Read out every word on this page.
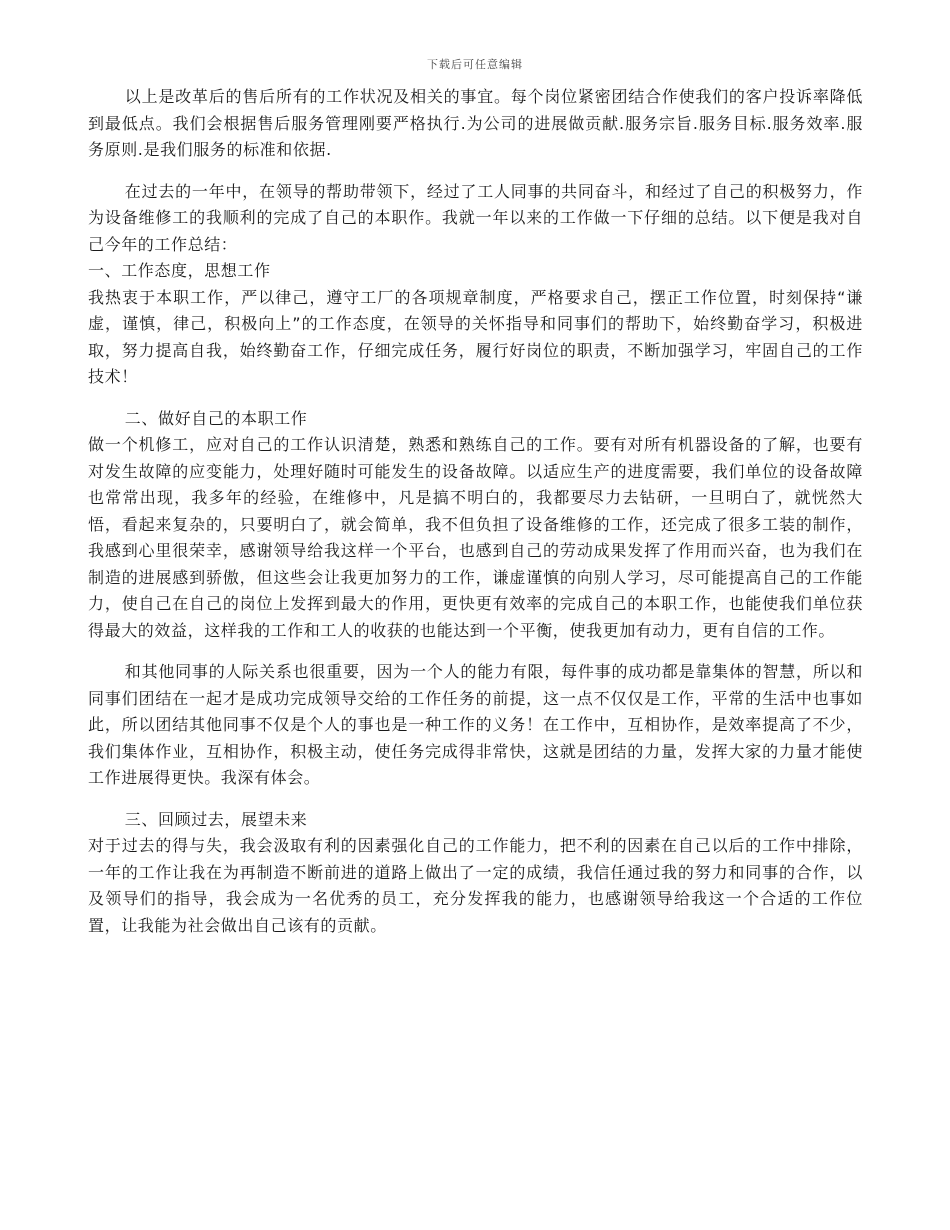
下载后可任意编辑

以上是改革后的售后所有的工作状况及相关的事宜。每个岗位紧密团结合作使我们的客户投诉率降低到最低点。我们会根据售后服务管理刚要严格执行.为公司的进展做贡献.服务宗旨.服务目标.服务效率.服务原则.是我们服务的标准和依据.

在过去的一年中，在领导的帮助带领下，经过了工人同事的共同奋斗，和经过了自己的积极努力，作为设备维修工的我顺利的完成了自己的本职作。我就一年以来的工作做一下仔细的总结。以下便是我对自己今年的工作总结：

一、工作态度，思想工作

我热衷于本职工作，严以律己，遵守工厂的各项规章制度，严格要求自己，摆正工作位置，时刻保持“谦虚，谨慎，律己，积极向上”的工作态度，在领导的关怀指导和同事们的帮助下，始终勤奋学习，积极进取，努力提高自我，始终勤奋工作，仔细完成任务，履行好岗位的职责，不断加强学习，牢固自己的工作技术！

二、做好自己的本职工作

做一个机修工，应对自己的工作认识清楚，熟悉和熟练自己的工作。要有对所有机器设备的了解，也要有对发生故障的应变能力，处理好随时可能发生的设备故障。以适应生产的进度需要，我们单位的设备故障也常常出现，我多年的经验，在维修中，凡是搞不明白的，我都要尽力去钻研，一旦明白了，就恍然大悟，看起来复杂的，只要明白了，就会简单，我不但负担了设备维修的工作，还完成了很多工装的制作，我感到心里很荣幸，感谢领导给我这样一个平台，也感到自己的劳动成果发挥了作用而兴奋，也为我们在制造的进展感到骄傲，但这些会让我更加努力的工作，谦虚谨慎的向别人学习，尽可能提高自己的工作能力，使自己在自己的岗位上发挥到最大的作用，更快更有效率的完成自己的本职工作，也能使我们单位获得最大的效益，这样我的工作和工人的收获的也能达到一个平衡，使我更加有动力，更有自信的工作。

和其他同事的人际关系也很重要，因为一个人的能力有限，每件事的成功都是靠集体的智慧，所以和同事们团结在一起才是成功完成领导交给的工作任务的前提，这一点不仅仅是工作，平常的生活中也事如此，所以团结其他同事不仅是个人的事也是一种工作的义务！在工作中，互相协作，是效率提高了不少，我们集体作业，互相协作，积极主动，使任务完成得非常快，这就是团结的力量，发挥大家的力量才能使工作进展得更快。我深有体会。

三、回顾过去，展望未来

对于过去的得与失，我会汲取有利的因素强化自己的工作能力，把不利的因素在自己以后的工作中排除，一年的工作让我在为再制造不断前进的道路上做出了一定的成绩，我信任通过我的努力和同事的合作，以及领导们的指导，我会成为一名优秀的员工，充分发挥我的能力，也感谢领导给我这一个合适的工作位置，让我能为社会做出自己该有的贡献。
